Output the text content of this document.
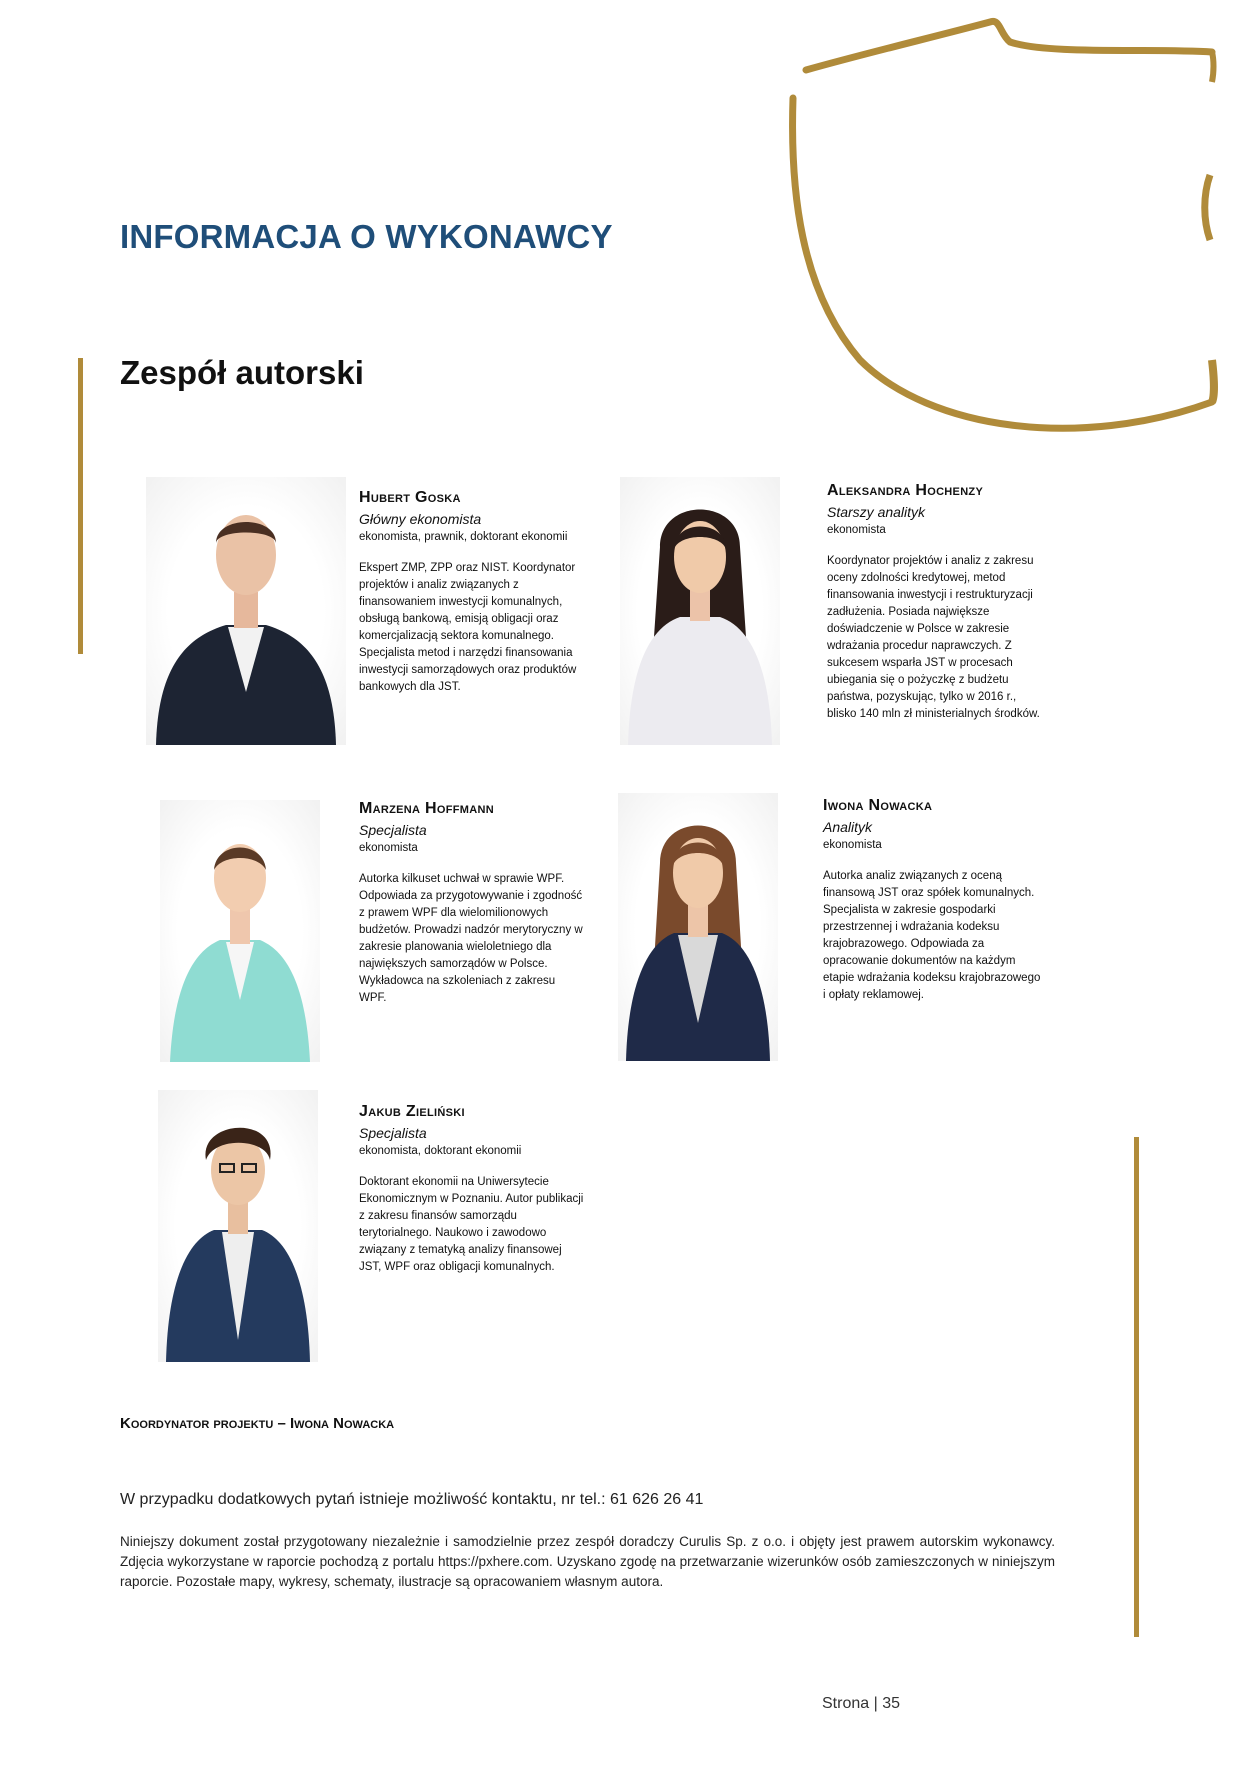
INFORMACJA O WYKONAWCY
Zespół autorski

Hubert Goska

Główny ekonomista

ekonomista, prawnik, doktorant ekonomii

Ekspert ZMP, ZPP oraz NIST. Koordynator projektów i analiz związanych z finansowaniem inwestycji komunalnych, obsługą bankową, emisją obligacji oraz komercjalizacją sektora komunalnego. Specjalista metod i narzędzi finansowania inwestycji samorządowych oraz produktów bankowych dla JST.

Aleksandra Hochenzy

Starszy analityk

ekonomista

Koordynator projektów i analiz z zakresu oceny zdolności kredytowej, metod finansowania inwestycji i restrukturyzacji zadłużenia. Posiada największe doświadczenie w Polsce w zakresie wdrażania procedur naprawczych. Z sukcesem wsparła JST w procesach ubiegania się o pożyczkę z budżetu państwa, pozyskując, tylko w 2016 r., blisko 140 mln zł ministerialnych środków.

Marzena Hoffmann

Specjalista

ekonomista

Autorka kilkuset uchwał w sprawie WPF. Odpowiada za przygotowywanie i zgodność z prawem WPF dla wielomilionowych budżetów. Prowadzi nadzór merytoryczny w zakresie planowania wieloletniego dla największych samorządów w Polsce. Wykładowca na szkoleniach z zakresu WPF.

Iwona Nowacka

Analityk

ekonomista

Autorka analiz związanych z oceną finansową JST oraz spółek komunalnych. Specjalista w zakresie gospodarki przestrzennej i wdrażania kodeksu krajobrazowego. Odpowiada za opracowanie dokumentów na każdym etapie wdrażania kodeksu krajobrazowego i opłaty reklamowej.

Jakub Zieliński

Specjalista

ekonomista, doktorant ekonomii

Doktorant ekonomii na Uniwersytecie Ekonomicznym w Poznaniu. Autor publikacji z zakresu finansów samorządu terytorialnego. Naukowo i zawodowo związany z tematyką analizy finansowej JST, WPF oraz obligacji komunalnych.

Koordynator projektu – Iwona Nowacka

W przypadku dodatkowych pytań istnieje możliwość kontaktu, nr tel.: 61 626 26 41

Niniejszy dokument został przygotowany niezależnie i samodzielnie przez zespół doradczy Curulis Sp. z o.o. i objęty jest prawem autorskim wykonawcy. Zdjęcia wykorzystane w raporcie pochodzą z portalu https://pxhere.com. Uzyskano zgodę na przetwarzanie wizerunków osób zamieszczonych w niniejszym raporcie. Pozostałe mapy, wykresy, schematy, ilustracje są opracowaniem własnym autora.

Strona | 35
